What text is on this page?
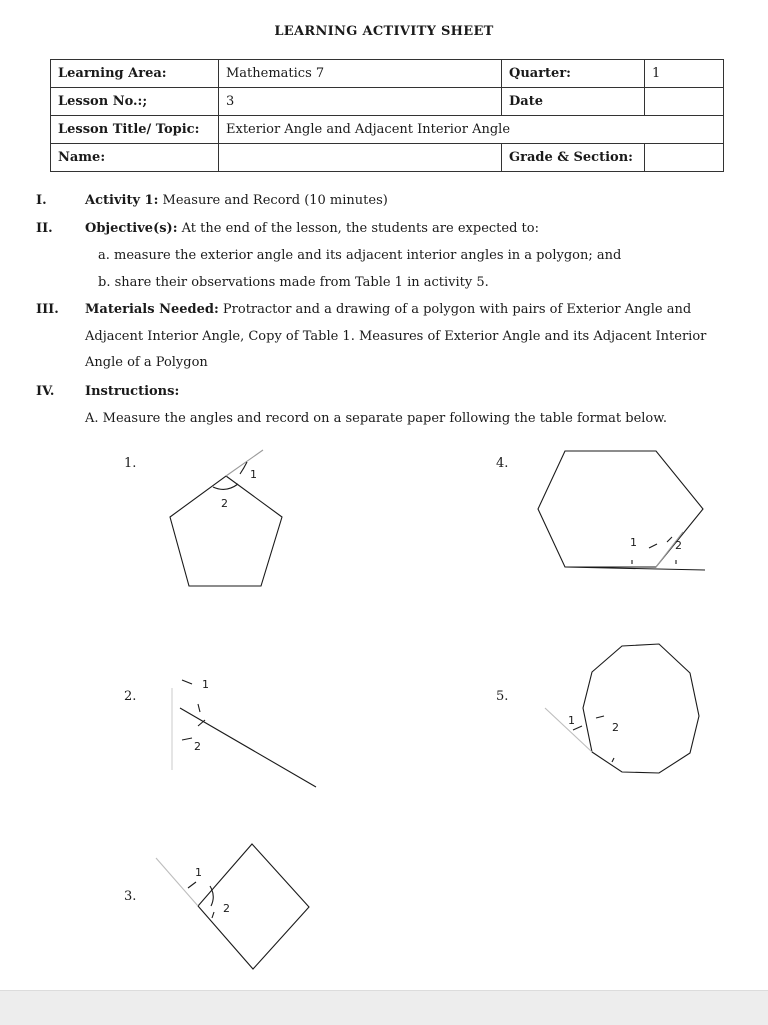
LEARNING ACTIVITY SHEET
Learning Area:	Mathematics 7	Quarter:	1
Lesson No.:;	3	Date	
Lesson Title/ Topic:	Exterior Angle and Adjacent Interior Angle		
Name:		Grade & Section:	
I.	Activity 1: Measure and Record (10 minutes)
II.	Objective(s): At the end of the lesson, the students are expected to:
a. measure the exterior angle and its adjacent interior angles in a polygon; and
b. share their observations made from Table 1 in activity 5.
III.	Materials Needed: Protractor and a drawing of a polygon with pairs of Exterior Angle and
Adjacent Interior Angle, Copy of Table 1. Measures of Exterior Angle and its Adjacent Interior
Angle of a Polygon
IV.	Instructions:
A. Measure the angles and record on a separate paper following the table format below.
1.
2.
3.
4.
5.
1
2
1
2
1
2
1	2
1
2
